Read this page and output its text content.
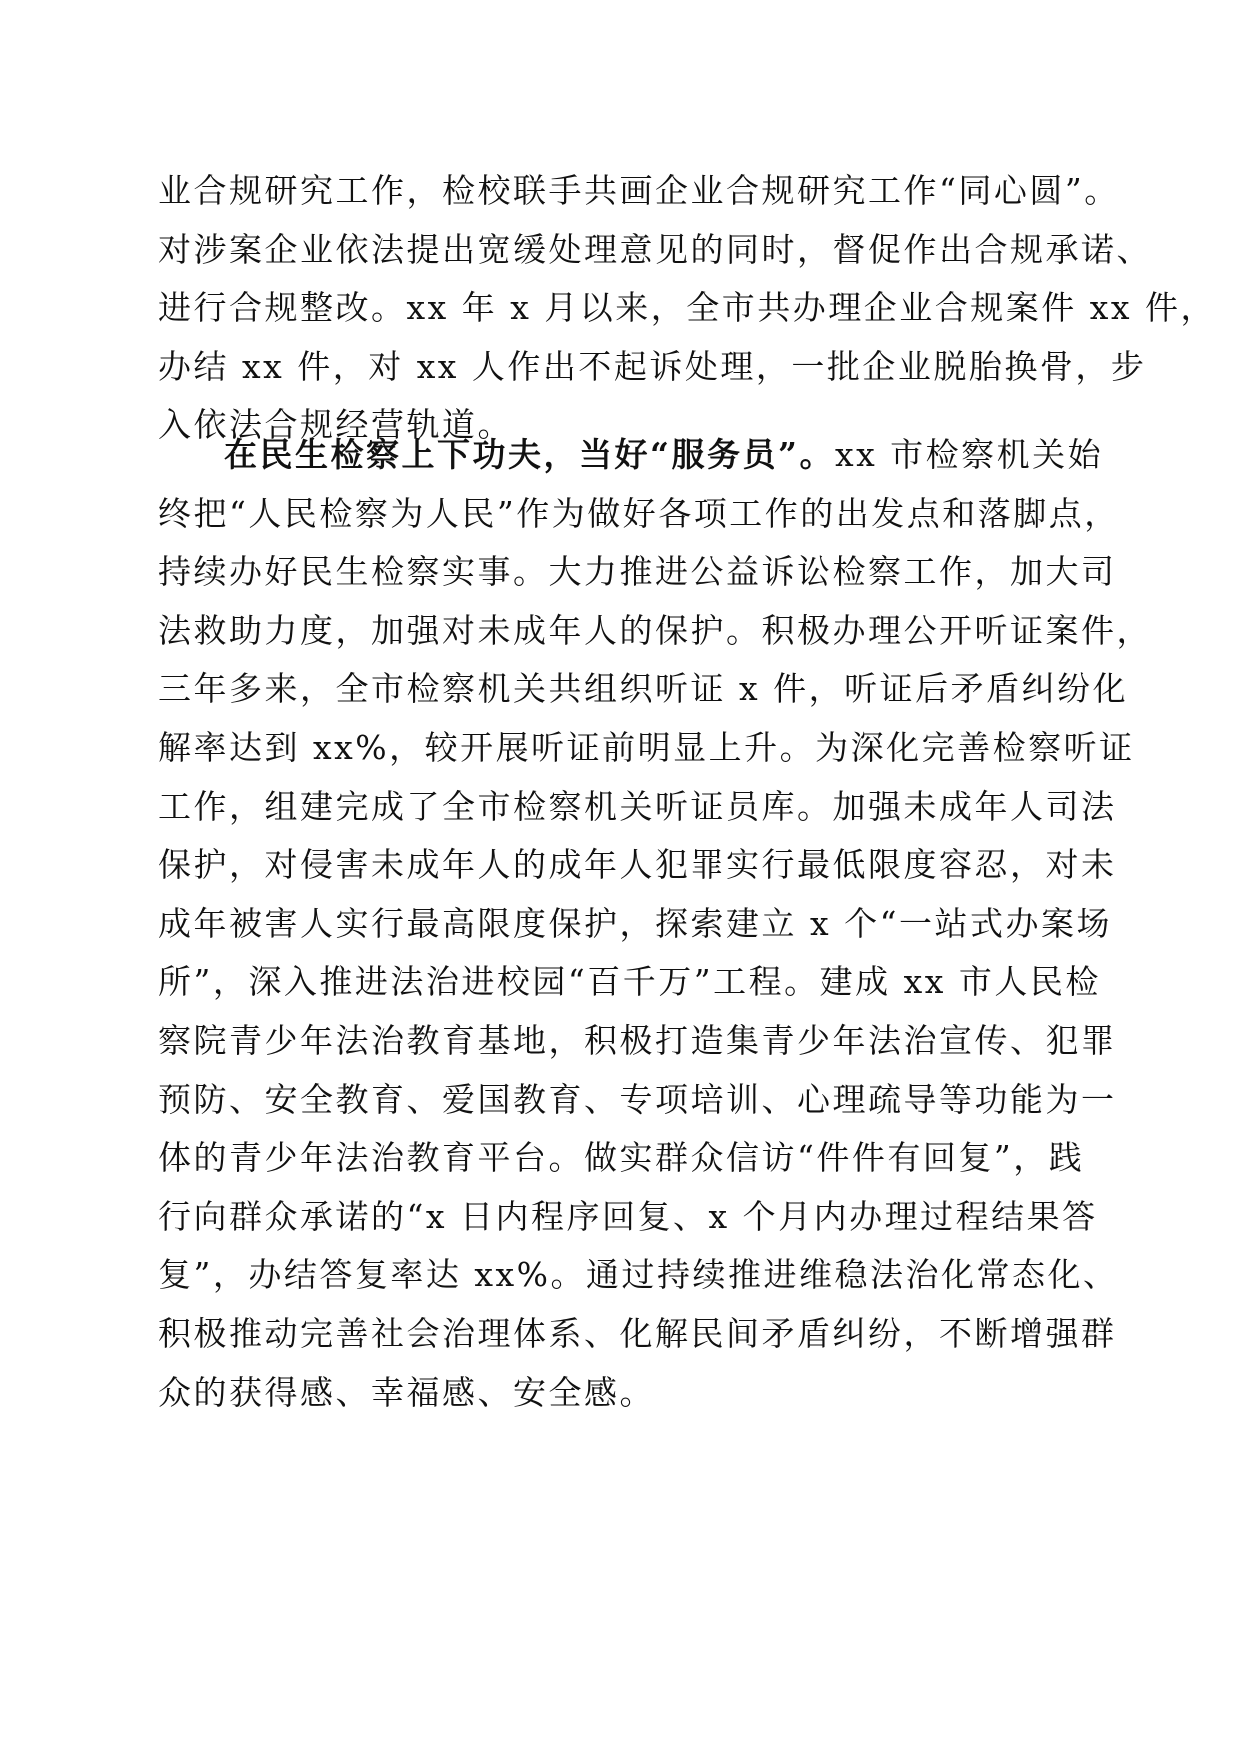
业合规研究工作，检校联手共画企业合规研究工作“同心圆”。
对涉案企业依法提出宽缓处理意见的同时，督促作出合规承诺、
进行合规整改。xx 年 x 月以来，全市共办理企业合规案件 xx 件，
办结 xx 件，对 xx 人作出不起诉处理，一批企业脱胎换骨，步
入依法合规经营轨道。
在民生检察上下功夫，当好“服务员”。xx 市检察机关始
终把“人民检察为人民”作为做好各项工作的出发点和落脚点，
持续办好民生检察实事。大力推进公益诉讼检察工作，加大司
法救助力度，加强对未成年人的保护。积极办理公开听证案件，
三年多来，全市检察机关共组织听证 x 件，听证后矛盾纠纷化
解率达到 xx%，较开展听证前明显上升。为深化完善检察听证
工作，组建完成了全市检察机关听证员库。加强未成年人司法
保护，对侵害未成年人的成年人犯罪实行最低限度容忍，对未
成年被害人实行最高限度保护，探索建立 x 个“一站式办案场
所”，深入推进法治进校园“百千万”工程。建成 xx 市人民检
察院青少年法治教育基地，积极打造集青少年法治宣传、犯罪
预防、安全教育、爱国教育、专项培训、心理疏导等功能为一
体的青少年法治教育平台。做实群众信访“件件有回复”，践
行向群众承诺的“x 日内程序回复、x 个月内办理过程结果答
复”，办结答复率达 xx%。通过持续推进维稳法治化常态化、
积极推动完善社会治理体系、化解民间矛盾纠纷，不断增强群
众的获得感、幸福感、安全感。
